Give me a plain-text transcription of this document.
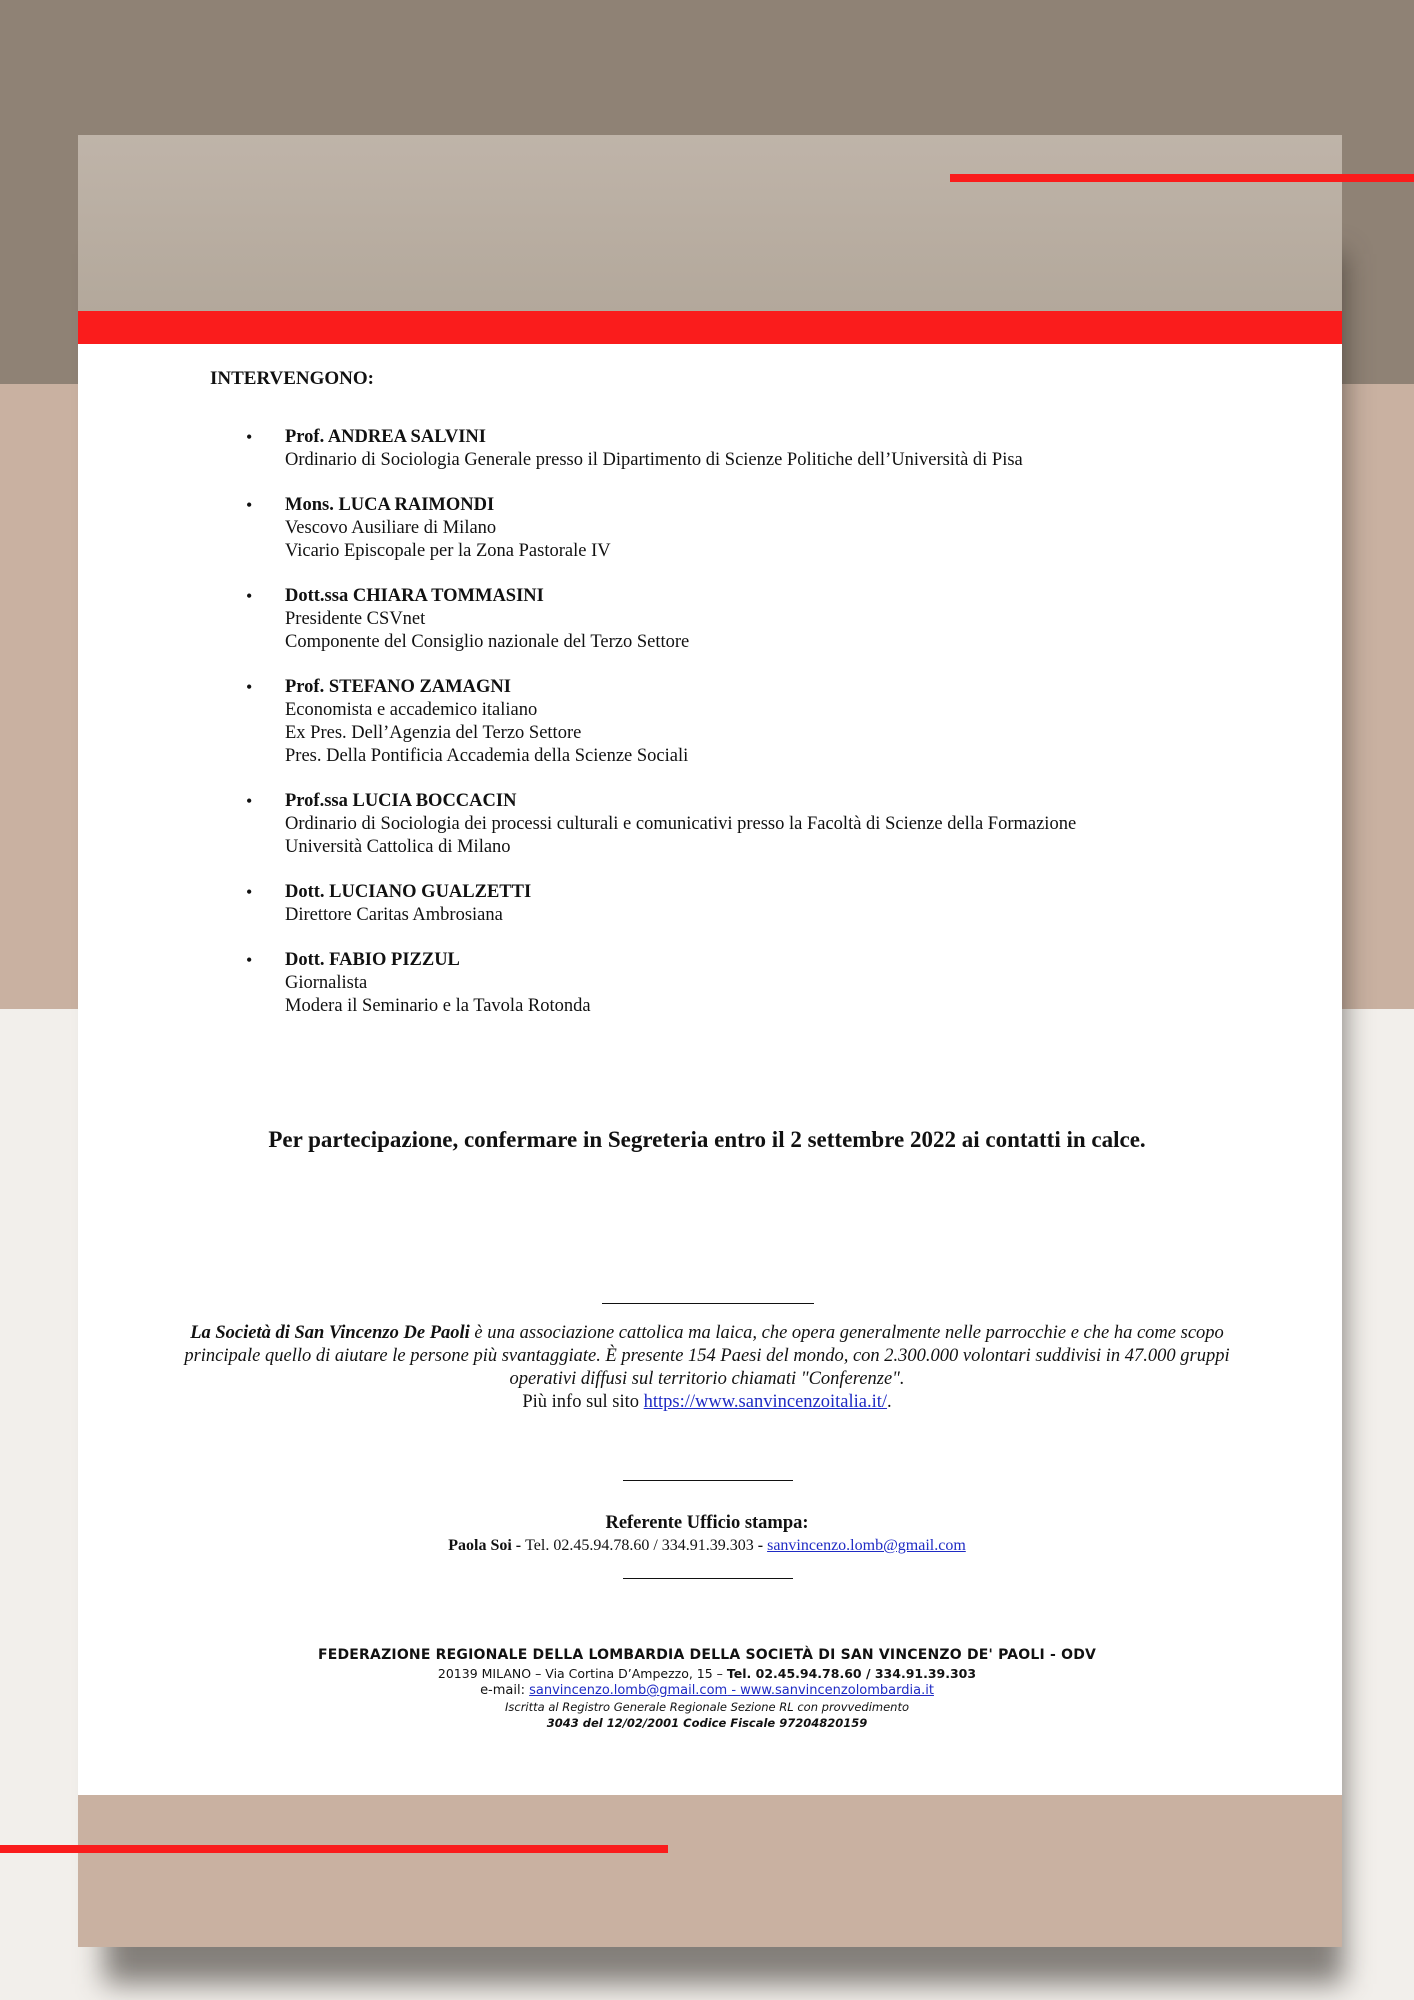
INTERVENGONO:
• Prof. ANDREA SALVINI
Ordinario di Sociologia Generale presso il Dipartimento di Scienze Politiche dell’Università di Pisa
• Mons. LUCA RAIMONDI
Vescovo Ausiliare di Milano
Vicario Episcopale per la Zona Pastorale IV
• Dott.ssa CHIARA TOMMASINI
Presidente CSVnet
Componente del Consiglio nazionale del Terzo Settore
• Prof. STEFANO ZAMAGNI
Economista e accademico italiano
Ex Pres. Dell’Agenzia del Terzo Settore
Pres. Della Pontificia Accademia della Scienze Sociali
• Prof.ssa LUCIA BOCCACIN
Ordinario di Sociologia dei processi culturali e comunicativi presso la Facoltà di Scienze della Formazione
Università Cattolica di Milano
• Dott. LUCIANO GUALZETTI
Direttore Caritas Ambrosiana
• Dott. FABIO PIZZUL
Giornalista
Modera il Seminario e la Tavola Rotonda

Per partecipazione, confermare in Segreteria entro il 2 settembre 2022 ai contatti in calce.

La Società di San Vincenzo De Paoli è una associazione cattolica ma laica, che opera generalmente nelle parrocchie e che ha come scopo principale quello di aiutare le persone più svantaggiate. È presente 154 Paesi del mondo, con 2.300.000 volontari suddivisi in 47.000 gruppi operativi diffusi sul territorio chiamati "Conferenze".
Più info sul sito https://www.sanvincenzoitalia.it/.

Referente Ufficio stampa:
Paola Soi - Tel. 02.45.94.78.60 / 334.91.39.303 - sanvincenzo.lomb@gmail.com

FEDERAZIONE REGIONALE DELLA LOMBARDIA DELLA SOCIETÀ DI SAN VINCENZO DE' PAOLI - ODV
20139 MILANO – Via Cortina D’Ampezzo, 15 – Tel. 02.45.94.78.60 / 334.91.39.303
e-mail: sanvincenzo.lomb@gmail.com - www.sanvincenzolombardia.it
Iscritta al Registro Generale Regionale Sezione RL con provvedimento
3043 del 12/02/2001 Codice Fiscale 97204820159
